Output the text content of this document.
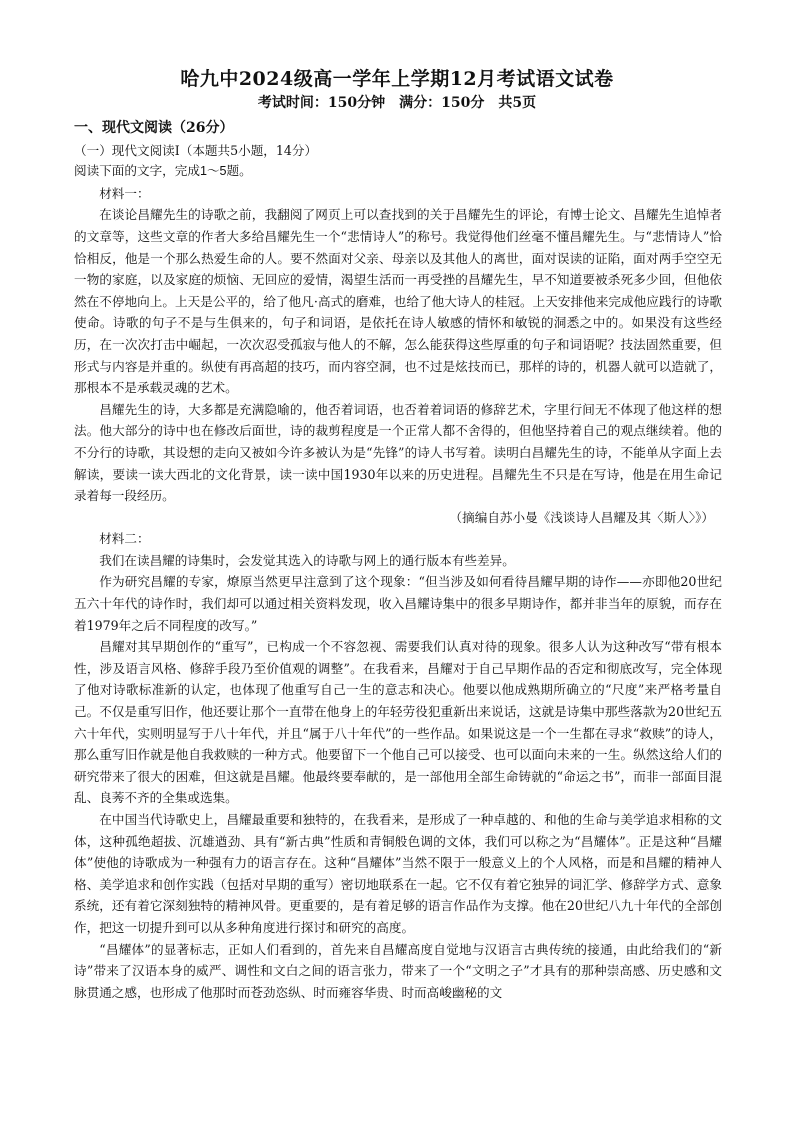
哈九中2024级高一学年上学期12月考试语文试卷
考试时间：150分钟　满分：150分　共5页

一、现代文阅读（26分）

（一）现代文阅读Ⅰ（本题共5小题，14分）

阅读下面的文字，完成1～5题。

材料一：

在谈论昌耀先生的诗歌之前，我翻阅了网页上可以查找到的关于昌耀先生的评论，有博士论文、昌耀先生追悼者的文章等，这些文章的作者大多给昌耀先生一个“悲情诗人”的称号。我觉得他们丝毫不懂昌耀先生。与“悲情诗人”恰恰相反，他是一个那么热爱生命的人。要不然面对父亲、母亲以及其他人的离世，面对误读的证陷，面对两手空空无一物的家庭，以及家庭的烦恼、无回应的爱情，渴望生活而一再受挫的昌耀先生，早不知道要被杀死多少回，但他依然在不停地向上。上天是公平的，给了他凡·高式的磨难，也给了他大诗人的桂冠。上天安排他来完成他应践行的诗歌使命。诗歌的句子不是与生俱来的，句子和词语，是依托在诗人敏感的情怀和敏锐的洞悉之中的。如果没有这些经历，在一次次打击中崛起，一次次忍受孤寂与他人的不解，怎么能获得这些厚重的句子和词语呢？技法固然重要，但形式与内容是并重的。纵使有再高超的技巧，而内容空洞，也不过是炫技而已，那样的诗的，机器人就可以造就了，那根本不是承载灵魂的艺术。

昌耀先生的诗，大多都是充满隐喻的，他否着词语，也否着着词语的修辞艺术，字里行间无不体现了他这样的想法。他大部分的诗中也在修改后面世，诗的裁剪程度是一个正常人都不舍得的，但他坚持着自己的观点继续着。他的不分行的诗歌，其设想的走向又被如今许多被认为是“先锋”的诗人书写着。读明白昌耀先生的诗，不能单从字面上去解读，要读一读大西北的文化背景，读一读中国1930年以来的历史进程。昌耀先生不只是在写诗，他是在用生命记录着每一段经历。

（摘编自苏小曼《浅谈诗人昌耀及其〈斯人〉》）

材料二：

我们在读昌耀的诗集时，会发觉其选入的诗歌与网上的通行版本有些差异。

作为研究昌耀的专家，燎原当然更早注意到了这个现象：“但当涉及如何看待昌耀早期的诗作——亦即他20世纪五六十年代的诗作时，我们却可以通过相关资料发现，收入昌耀诗集中的很多早期诗作，都并非当年的原貌，而存在着1979年之后不同程度的改写。”

昌耀对其早期创作的“重写”，已构成一个不容忽视、需要我们认真对待的现象。很多人认为这种改写“带有根本性，涉及语言风格、修辞手段乃至价值观的调整”。在我看来，昌耀对于自己早期作品的否定和彻底改写，完全体现了他对诗歌标准新的认定，也体现了他重写自己一生的意志和决心。他要以他成熟期所确立的“尺度”来严格考量自己。不仅是重写旧作，他还要让那个一直带在他身上的年轻劳役犯重新出来说话，这就是诗集中那些落款为20世纪五六十年代，实则明显写于八十年代，并且“属于八十年代”的一些作品。如果说这是一个一生都在寻求“救赎”的诗人，那么重写旧作就是他自我救赎的一种方式。他要留下一个他自己可以接受、也可以面向未来的一生。纵然这给人们的研究带来了很大的困难，但这就是昌耀。他最终要奉献的，是一部他用全部生命铸就的“命运之书”，而非一部面目混乱、良莠不齐的全集或选集。

在中国当代诗歌史上，昌耀最重要和独特的，在我看来，是形成了一种卓越的、和他的生命与美学追求相称的文体，这种孤绝超拔、沉雄遒劲、具有“新古典”性质和青铜般色调的文体，我们可以称之为“昌耀体”。正是这种“昌耀体”使他的诗歌成为一种强有力的语言存在。这种“昌耀体”当然不限于一般意义上的个人风格，而是和昌耀的精神人格、美学追求和创作实践（包括对早期的重写）密切地联系在一起。它不仅有着它独异的词汇学、修辞学方式、意象系统，还有着它深刻独特的精神风骨。更重要的，是有着足够的语言作品作为支撑。他在20世纪八九十年代的全部创作，把这一切提升到可以从多种角度进行探讨和研究的高度。

“昌耀体”的显著标志，正如人们看到的，首先来自昌耀高度自觉地与汉语言古典传统的接通，由此给我们的“新诗”带来了汉语本身的威严、调性和文白之间的语言张力，带来了一个“文明之子”才具有的那种崇高感、历史感和文脉贯通之感，也形成了他那时而苍劲恣纵、时而雍容华贵、时而高峻幽秘的文
